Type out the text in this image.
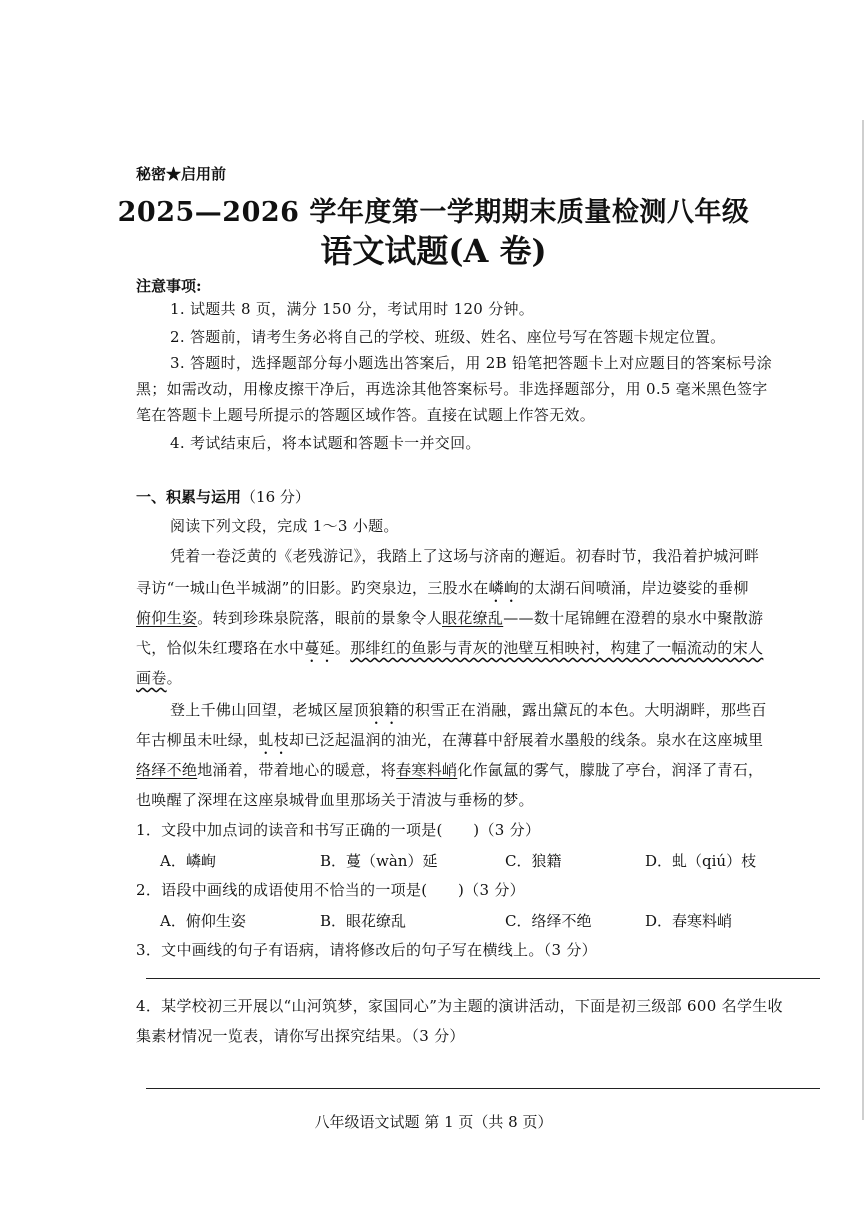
秘密★启用前
2025—2026 学年度第一学期期末质量检测八年级
语文试题(A 卷)
注意事项:
1. 试题共 8 页，满分 150 分，考试用时 120 分钟。
2. 答题前，请考生务必将自己的学校、班级、姓名、座位号写在答题卡规定位置。
3. 答题时，选择题部分每小题选出答案后，用 2B 铅笔把答题卡上对应题目的答案标号涂
黑；如需改动，用橡皮擦干净后，再选涂其他答案标号。非选择题部分，用 0.5 毫米黑色签字
笔在答题卡上题号所提示的答题区域作答。直接在试题上作答无效。
4. 考试结束后，将本试题和答题卡一并交回。
一、积累与运用（16 分）
阅读下列文段，完成 1～3 小题。
凭着一卷泛黄的《老残游记》，我踏上了这场与济南的邂逅。初春时节，我沿着护城河畔
寻访“一城山色半城湖”的旧影。趵突泉边，三股水在嶙峋的太湖石间喷涌，岸边婆娑的垂柳
俯仰生姿。转到珍珠泉院落，眼前的景象令人眼花缭乱——数十尾锦鲤在澄碧的泉水中聚散游
弋，恰似朱红璎珞在水中蔓延。那绯红的鱼影与青灰的池壁互相映衬，构建了一幅流动的宋人
画卷。
登上千佛山回望，老城区屋顶狼籍的积雪正在消融，露出黛瓦的本色。大明湖畔，那些百
年古柳虽未吐绿，虬枝却已泛起温润的油光，在薄暮中舒展着水墨般的线条。泉水在这座城里
络绎不绝地涌着，带着地心的暖意，将春寒料峭化作氤氲的雾气，朦胧了亭台，润泽了青石，
也唤醒了深埋在这座泉城骨血里那场关于清波与垂杨的梦。
1．文段中加点词的读音和书写正确的一项是(　　)（3 分）
A．嶙峋	B．蔓（wàn）延	C．狼籍	D．虬（qiú）枝
2．语段中画线的成语使用不恰当的一项是(　　)（3 分）
A．俯仰生姿	B．眼花缭乱	C．络绎不绝	D．春寒料峭
3．文中画线的句子有语病，请将修改后的句子写在横线上。（3 分）
4．某学校初三开展以“山河筑梦，家国同心”为主题的演讲活动，下面是初三级部 600 名学生收
集素材情况一览表，请你写出探究结果。（3 分）
八年级语文试题 第 1 页（共 8 页）
